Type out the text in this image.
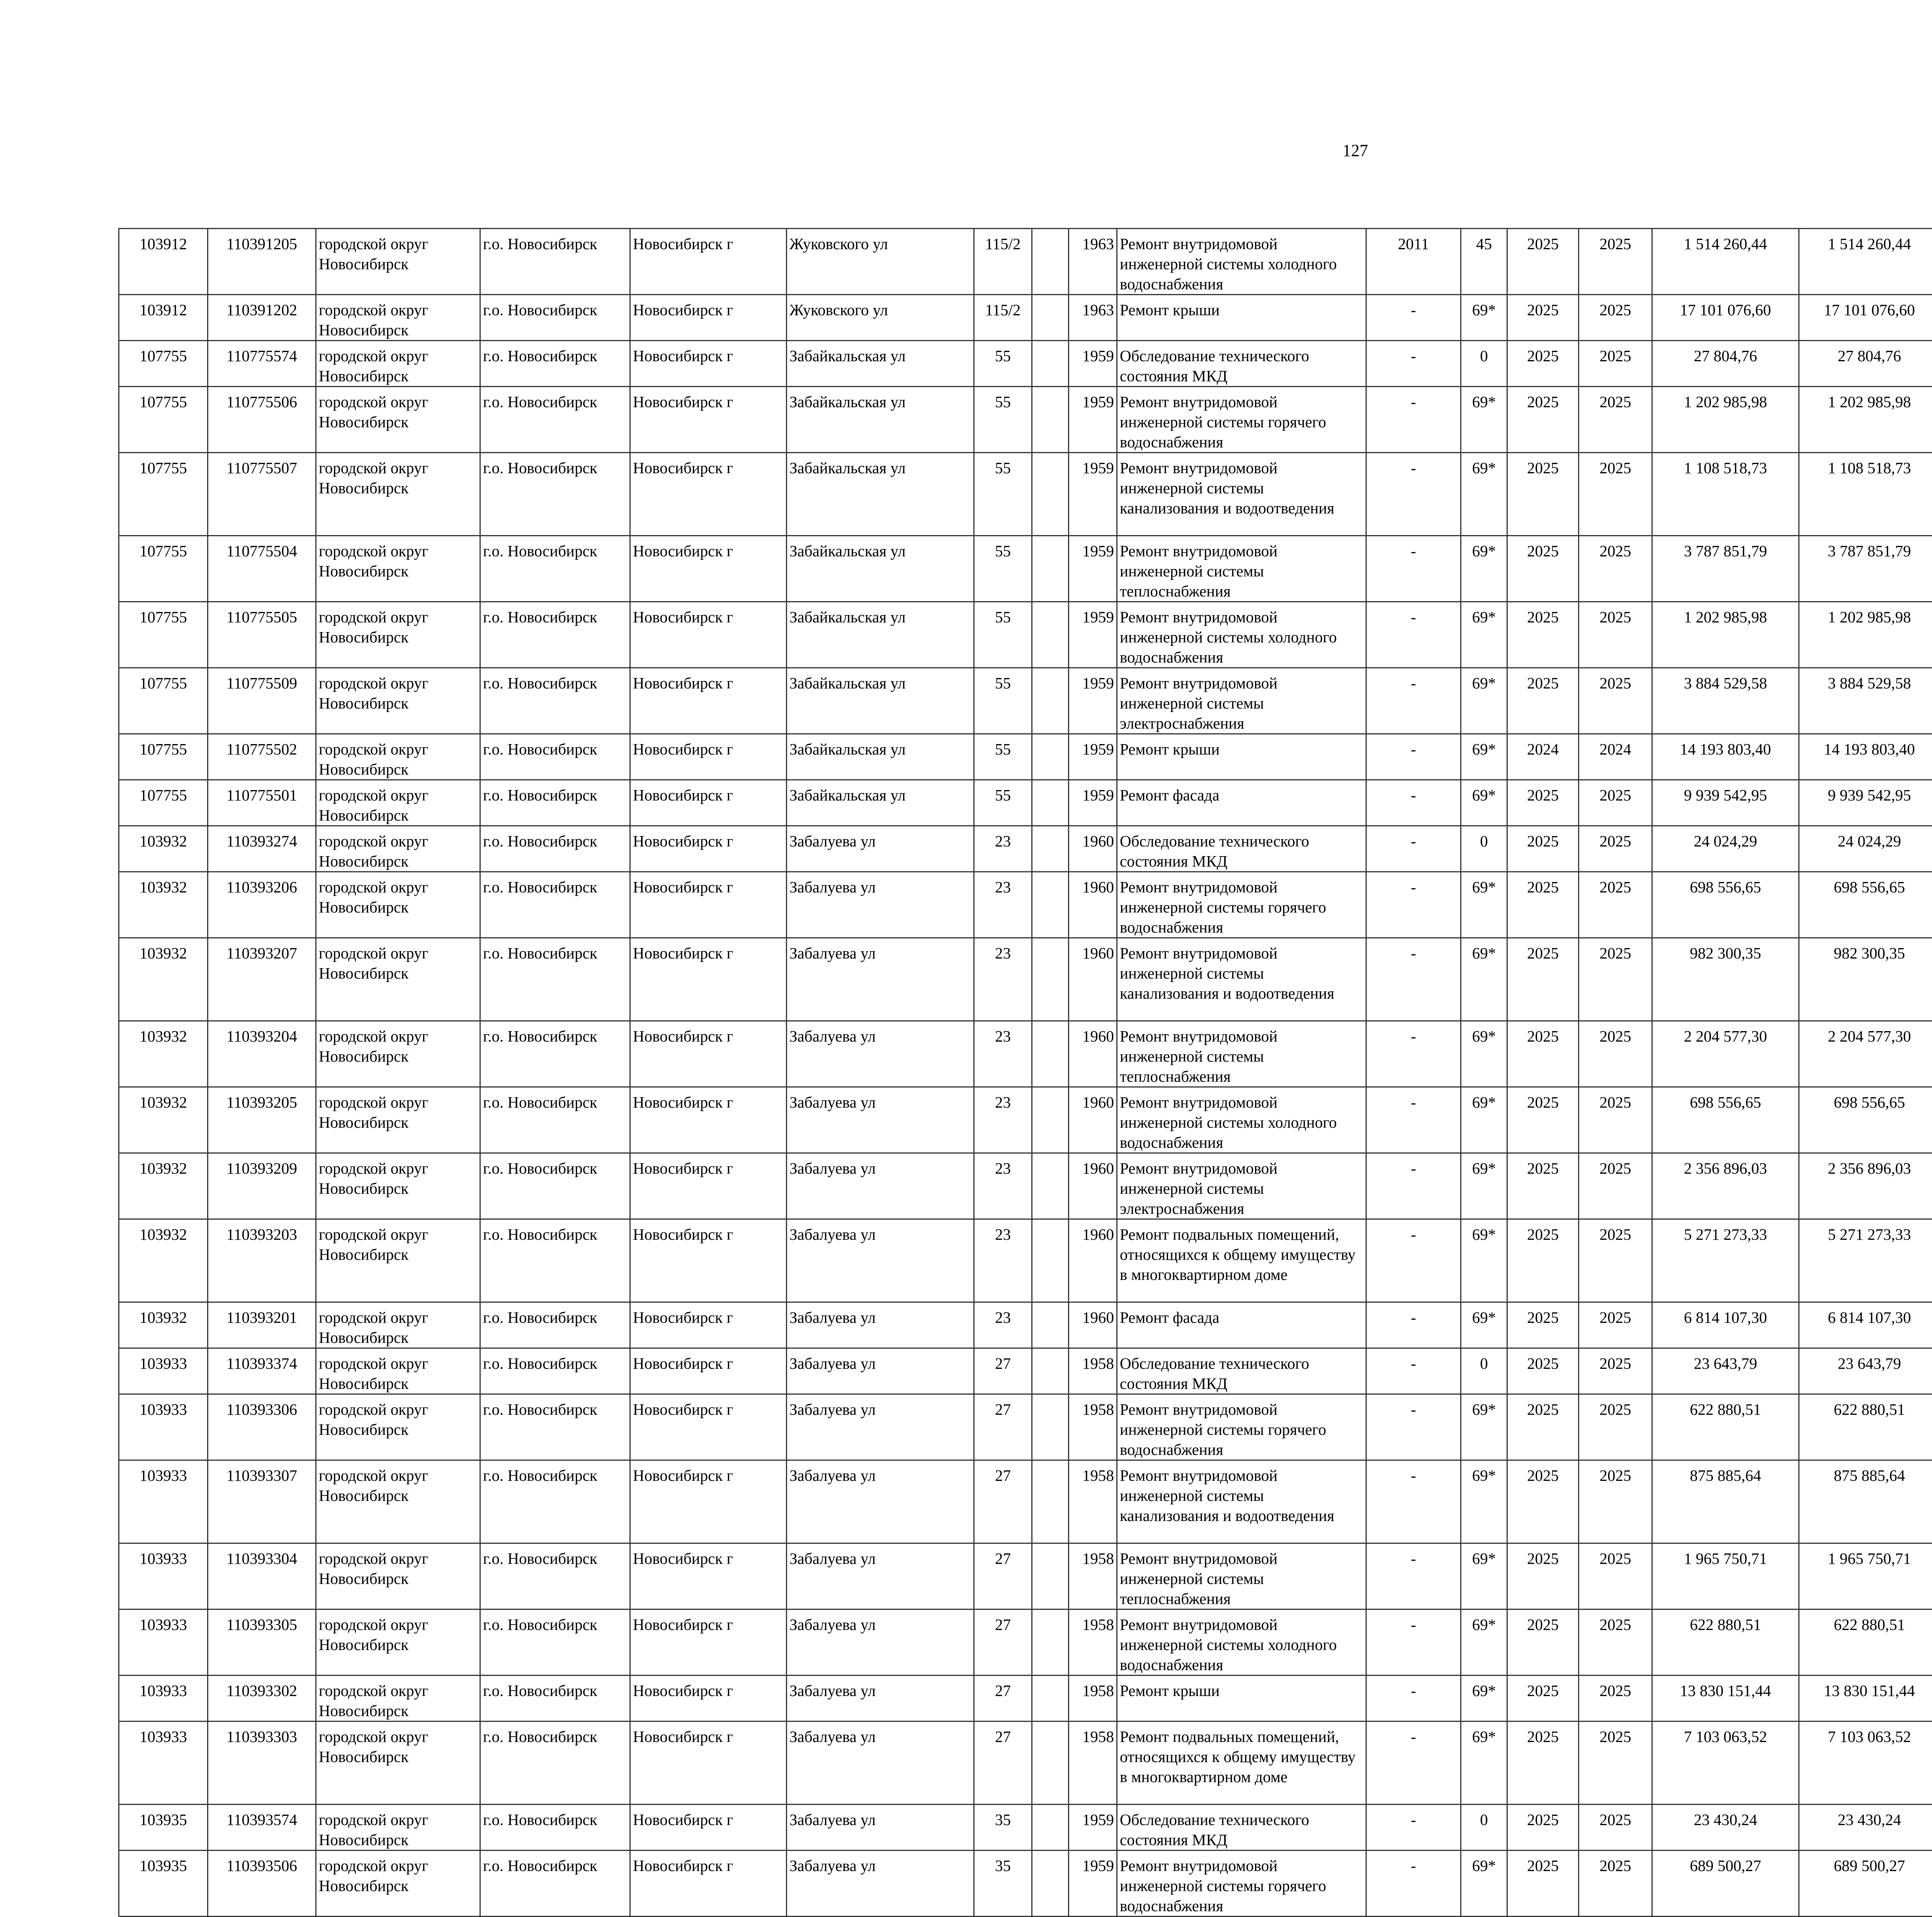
127
103912	110391205	городской округ Новосибирск	г.о. Новосибирск	Новосибирск г	Жуковского ул	115/2		1963	Ремонт внутридомовой инженерной системы холодного водоснабжения	2011	45	2025	2025	1 514 260,44	1 514 260,44						
103912	110391202	городской округ Новосибирск	г.о. Новосибирск	Новосибирск г	Жуковского ул	115/2		1963	Ремонт крыши	-	69*	2025	2025	17 101 076,60	17 101 076,60						
107755	110775574	городской округ Новосибирск	г.о. Новосибирск	Новосибирск г	Забайкальская ул	55		1959	Обследование технического состояния МКД	-	0	2025	2025	27 804,76	27 804,76						
107755	110775506	городской округ Новосибирск	г.о. Новосибирск	Новосибирск г	Забайкальская ул	55		1959	Ремонт внутридомовой инженерной системы горячего водоснабжения	-	69*	2025	2025	1 202 985,98	1 202 985,98						
107755	110775507	городской округ Новосибирск	г.о. Новосибирск	Новосибирск г	Забайкальская ул	55		1959	Ремонт внутридомовой инженерной системы канализования и водоотведения	-	69*	2025	2025	1 108 518,73	1 108 518,73						
107755	110775504	городской округ Новосибирск	г.о. Новосибирск	Новосибирск г	Забайкальская ул	55		1959	Ремонт внутридомовой инженерной системы теплоснабжения	-	69*	2025	2025	3 787 851,79	3 787 851,79						
107755	110775505	городской округ Новосибирск	г.о. Новосибирск	Новосибирск г	Забайкальская ул	55		1959	Ремонт внутридомовой инженерной системы холодного водоснабжения	-	69*	2025	2025	1 202 985,98	1 202 985,98						
107755	110775509	городской округ Новосибирск	г.о. Новосибирск	Новосибирск г	Забайкальская ул	55		1959	Ремонт внутридомовой инженерной системы электроснабжения	-	69*	2025	2025	3 884 529,58	3 884 529,58						
107755	110775502	городской округ Новосибирск	г.о. Новосибирск	Новосибирск г	Забайкальская ул	55		1959	Ремонт крыши	-	69*	2024	2024	14 193 803,40	14 193 803,40						
107755	110775501	городской округ Новосибирск	г.о. Новосибирск	Новосибирск г	Забайкальская ул	55		1959	Ремонт фасада	-	69*	2025	2025	9 939 542,95	9 939 542,95						
103932	110393274	городской округ Новосибирск	г.о. Новосибирск	Новосибирск г	Забалуева ул	23		1960	Обследование технического состояния МКД	-	0	2025	2025	24 024,29	24 024,29						
103932	110393206	городской округ Новосибирск	г.о. Новосибирск	Новосибирск г	Забалуева ул	23		1960	Ремонт внутридомовой инженерной системы горячего водоснабжения	-	69*	2025	2025	698 556,65	698 556,65						
103932	110393207	городской округ Новосибирск	г.о. Новосибирск	Новосибирск г	Забалуева ул	23		1960	Ремонт внутридомовой инженерной системы канализования и водоотведения	-	69*	2025	2025	982 300,35	982 300,35						
103932	110393204	городской округ Новосибирск	г.о. Новосибирск	Новосибирск г	Забалуева ул	23		1960	Ремонт внутридомовой инженерной системы теплоснабжения	-	69*	2025	2025	2 204 577,30	2 204 577,30						
103932	110393205	городской округ Новосибирск	г.о. Новосибирск	Новосибирск г	Забалуева ул	23		1960	Ремонт внутридомовой инженерной системы холодного водоснабжения	-	69*	2025	2025	698 556,65	698 556,65						
103932	110393209	городской округ Новосибирск	г.о. Новосибирск	Новосибирск г	Забалуева ул	23		1960	Ремонт внутридомовой инженерной системы электроснабжения	-	69*	2025	2025	2 356 896,03	2 356 896,03						
103932	110393203	городской округ Новосибирск	г.о. Новосибирск	Новосибирск г	Забалуева ул	23		1960	Ремонт подвальных помещений, относящихся к общему имуществу в многоквартирном доме	-	69*	2025	2025	5 271 273,33	5 271 273,33						
103932	110393201	городской округ Новосибирск	г.о. Новосибирск	Новосибирск г	Забалуева ул	23		1960	Ремонт фасада	-	69*	2025	2025	6 814 107,30	6 814 107,30						
103933	110393374	городской округ Новосибирск	г.о. Новосибирск	Новосибирск г	Забалуева ул	27		1958	Обследование технического состояния МКД	-	0	2025	2025	23 643,79	23 643,79						
103933	110393306	городской округ Новосибирск	г.о. Новосибирск	Новосибирск г	Забалуева ул	27		1958	Ремонт внутридомовой инженерной системы горячего водоснабжения	-	69*	2025	2025	622 880,51	622 880,51						
103933	110393307	городской округ Новосибирск	г.о. Новосибирск	Новосибирск г	Забалуева ул	27		1958	Ремонт внутридомовой инженерной системы канализования и водоотведения	-	69*	2025	2025	875 885,64	875 885,64						
103933	110393304	городской округ Новосибирск	г.о. Новосибирск	Новосибирск г	Забалуева ул	27		1958	Ремонт внутридомовой инженерной системы теплоснабжения	-	69*	2025	2025	1 965 750,71	1 965 750,71						
103933	110393305	городской округ Новосибирск	г.о. Новосибирск	Новосибирск г	Забалуева ул	27		1958	Ремонт внутридомовой инженерной системы холодного водоснабжения	-	69*	2025	2025	622 880,51	622 880,51						
103933	110393302	городской округ Новосибирск	г.о. Новосибирск	Новосибирск г	Забалуева ул	27		1958	Ремонт крыши	-	69*	2025	2025	13 830 151,44	13 830 151,44						
103933	110393303	городской округ Новосибирск	г.о. Новосибирск	Новосибирск г	Забалуева ул	27		1958	Ремонт подвальных помещений, относящихся к общему имуществу в многоквартирном доме	-	69*	2025	2025	7 103 063,52	7 103 063,52						
103935	110393574	городской округ Новосибирск	г.о. Новосибирск	Новосибирск г	Забалуева ул	35		1959	Обследование технического состояния МКД	-	0	2025	2025	23 430,24	23 430,24						
103935	110393506	городской округ Новосибирск	г.о. Новосибирск	Новосибирск г	Забалуева ул	35		1959	Ремонт внутридомовой инженерной системы горячего водоснабжения	-	69*	2025	2025	689 500,27	689 500,27						
